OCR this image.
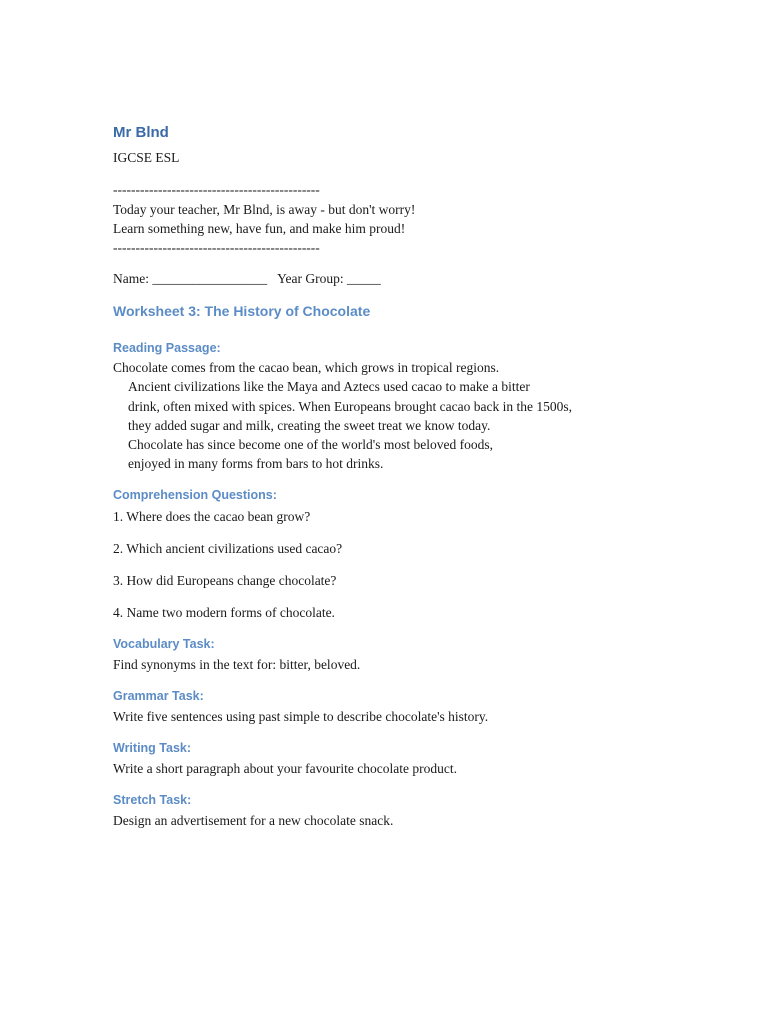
Mr Blnd
IGCSE ESL
----------------------------------------------
Today your teacher, Mr Blnd, is away - but don't worry!
Learn something new, have fun, and make him proud!
----------------------------------------------
Name: _________________ Year Group: _____
Worksheet 3: The History of Chocolate
Reading Passage:
Chocolate comes from the cacao bean, which grows in tropical regions.
Ancient civilizations like the Maya and Aztecs used cacao to make a bitter
drink, often mixed with spices. When Europeans brought cacao back in the 1500s,
they added sugar and milk, creating the sweet treat we know today.
Chocolate has since become one of the world's most beloved foods,
enjoyed in many forms from bars to hot drinks.
Comprehension Questions:
1. Where does the cacao bean grow?
2. Which ancient civilizations used cacao?
3. How did Europeans change chocolate?
4. Name two modern forms of chocolate.
Vocabulary Task:
Find synonyms in the text for: bitter, beloved.
Grammar Task:
Write five sentences using past simple to describe chocolate's history.
Writing Task:
Write a short paragraph about your favourite chocolate product.
Stretch Task:
Design an advertisement for a new chocolate snack.
